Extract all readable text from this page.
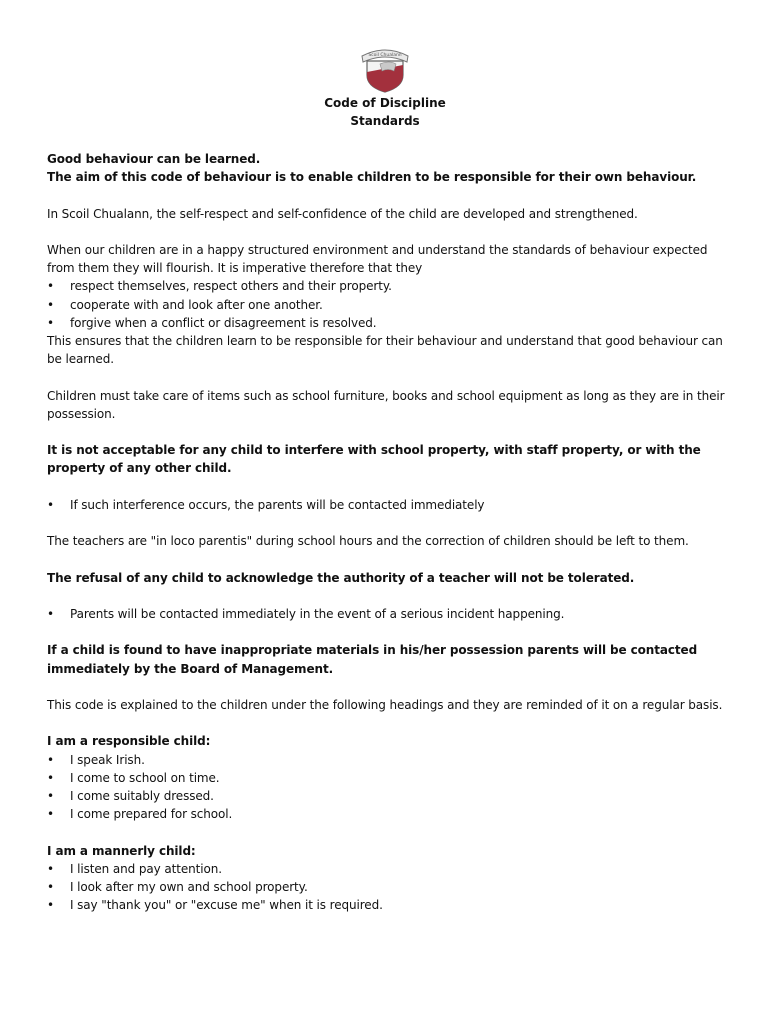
Scoil Chualann
Code of Discipline
Standards

Good behaviour can be learned.

The aim of this code of behaviour is to enable children to be responsible for their own behaviour.

In Scoil Chualann, the self-respect and self-confidence of the child are developed and strengthened.

When our children are in a happy structured environment and understand the standards of behaviour expected from them they will flourish. It is imperative therefore that they

• respect themselves, respect others and their property.
• cooperate with and look after one another.
• forgive when a conflict or disagreement is resolved.

This ensures that the children learn to be responsible for their behaviour and understand that good behaviour can be learned.

Children must take care of items such as school furniture, books and school equipment as long as they are in their possession.

It is not acceptable for any child to interfere with school property, with staff property, or with the property of any other child.

• If such interference occurs, the parents will be contacted immediately

The teachers are "in loco parentis" during school hours and the correction of children should be left to them.

The refusal of any child to acknowledge the authority of a teacher will not be tolerated.

• Parents will be contacted immediately in the event of a serious incident happening.

If a child is found to have inappropriate materials in his/her possession parents will be contacted immediately by the Board of Management.

This code is explained to the children under the following headings and they are reminded of it on a regular basis.

I am a responsible child:

• I speak Irish.
• I come to school on time.
• I come suitably dressed.
• I come prepared for school.

I am a mannerly child:

• I listen and pay attention.
• I look after my own and school property.
• I say "thank you" or "excuse me" when it is required.
